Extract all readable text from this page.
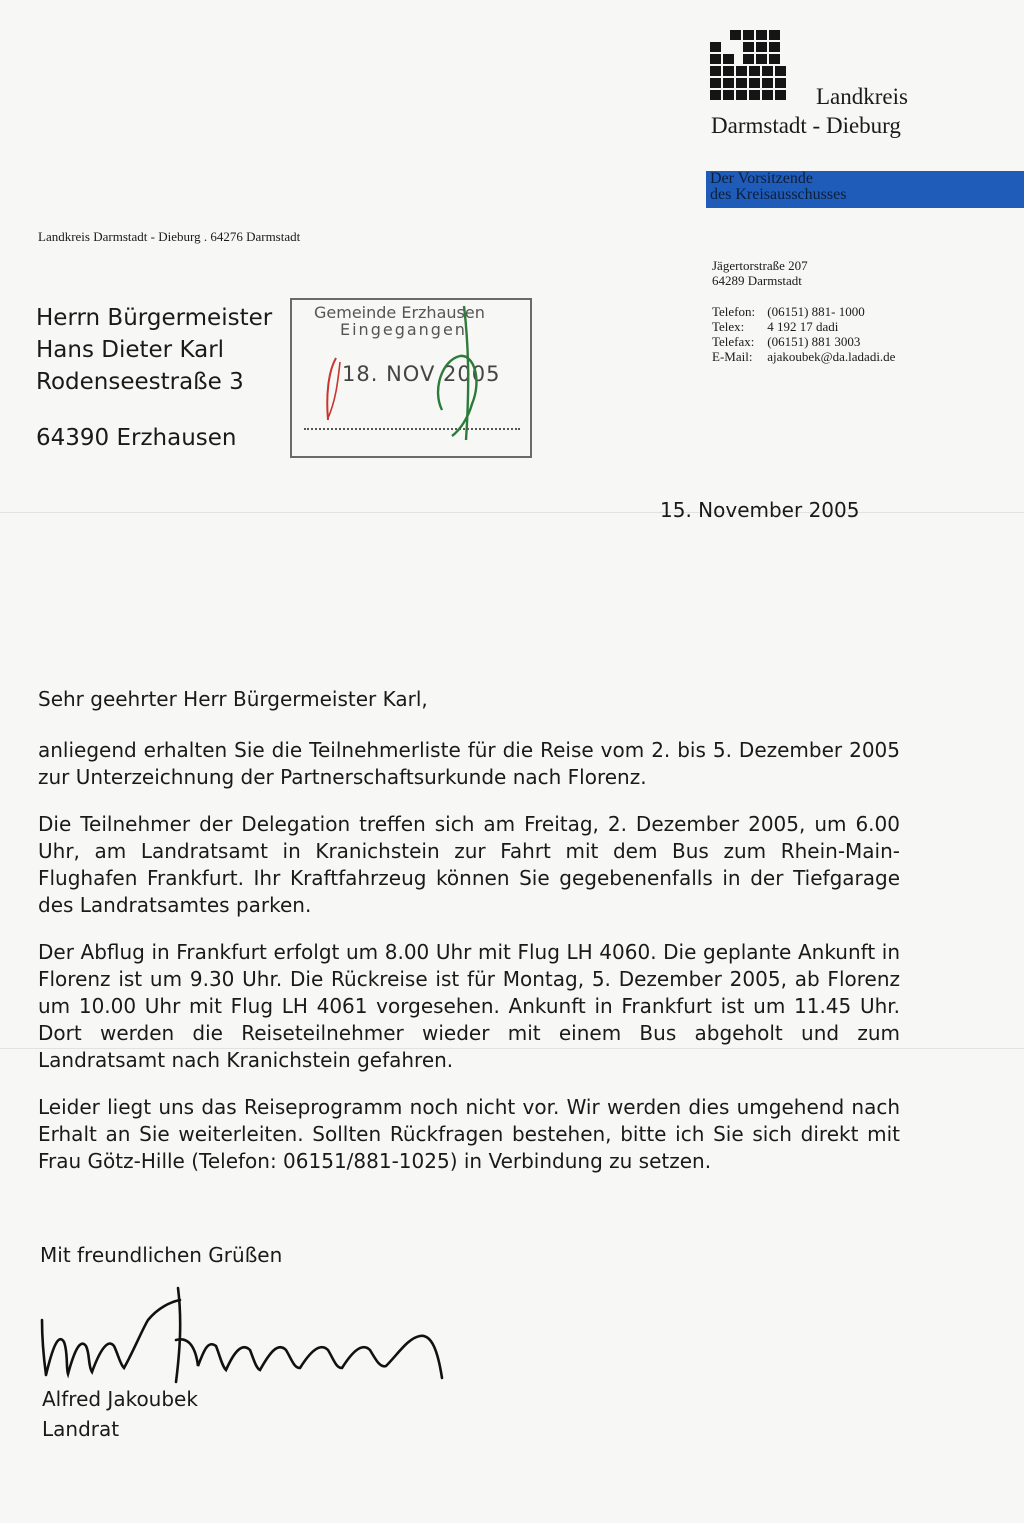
Landkreis
Darmstadt - Dieburg
Der Vorsitzende
des Kreisausschusses
Landkreis Darmstadt - Dieburg . 64276 Darmstadt
Jägertorstraße 207
64289 Darmstadt
Telefon: (06151) 881- 1000
Telex: 4 192 17 dadi
Telefax: (06151) 881 3003
E-Mail: ajakoubek@da.ladadi.de
Herrn Bürgermeister
Hans Dieter Karl
Rodenseestraße 3
64390 Erzhausen
Gemeinde Erzhausen
Eingegangen
18. NOV 2005
15. November 2005

Sehr geehrter Herr Bürgermeister Karl,

anliegend erhalten Sie die Teilnehmerliste für die Reise vom 2. bis 5. Dezember 2005 zur Unterzeichnung der Partnerschaftsurkunde nach Florenz.

Die Teilnehmer der Delegation treffen sich am Freitag, 2. Dezember 2005, um 6.00 Uhr, am Landratsamt in Kranichstein zur Fahrt mit dem Bus zum Rhein-Main-Flughafen Frankfurt. Ihr Kraftfahrzeug können Sie gegebenenfalls in der Tiefgarage des Landratsamtes parken.

Der Abflug in Frankfurt erfolgt um 8.00 Uhr mit Flug LH 4060. Die geplante Ankunft in Florenz ist um 9.30 Uhr. Die Rückreise ist für Montag, 5. Dezember 2005, ab Florenz um 10.00 Uhr mit Flug LH 4061 vorgesehen. Ankunft in Frankfurt ist um 11.45 Uhr. Dort werden die Reiseteilnehmer wieder mit einem Bus abgeholt und zum Landratsamt nach Kranichstein gefahren.

Leider liegt uns das Reiseprogramm noch nicht vor. Wir werden dies umgehend nach Erhalt an Sie weiterleiten. Sollten Rückfragen bestehen, bitte ich Sie sich direkt mit Frau Götz-Hille (Telefon: 06151/881-1025) in Verbindung zu setzen.

Mit freundlichen Grüßen
Alfred Jakoubek
Landrat
